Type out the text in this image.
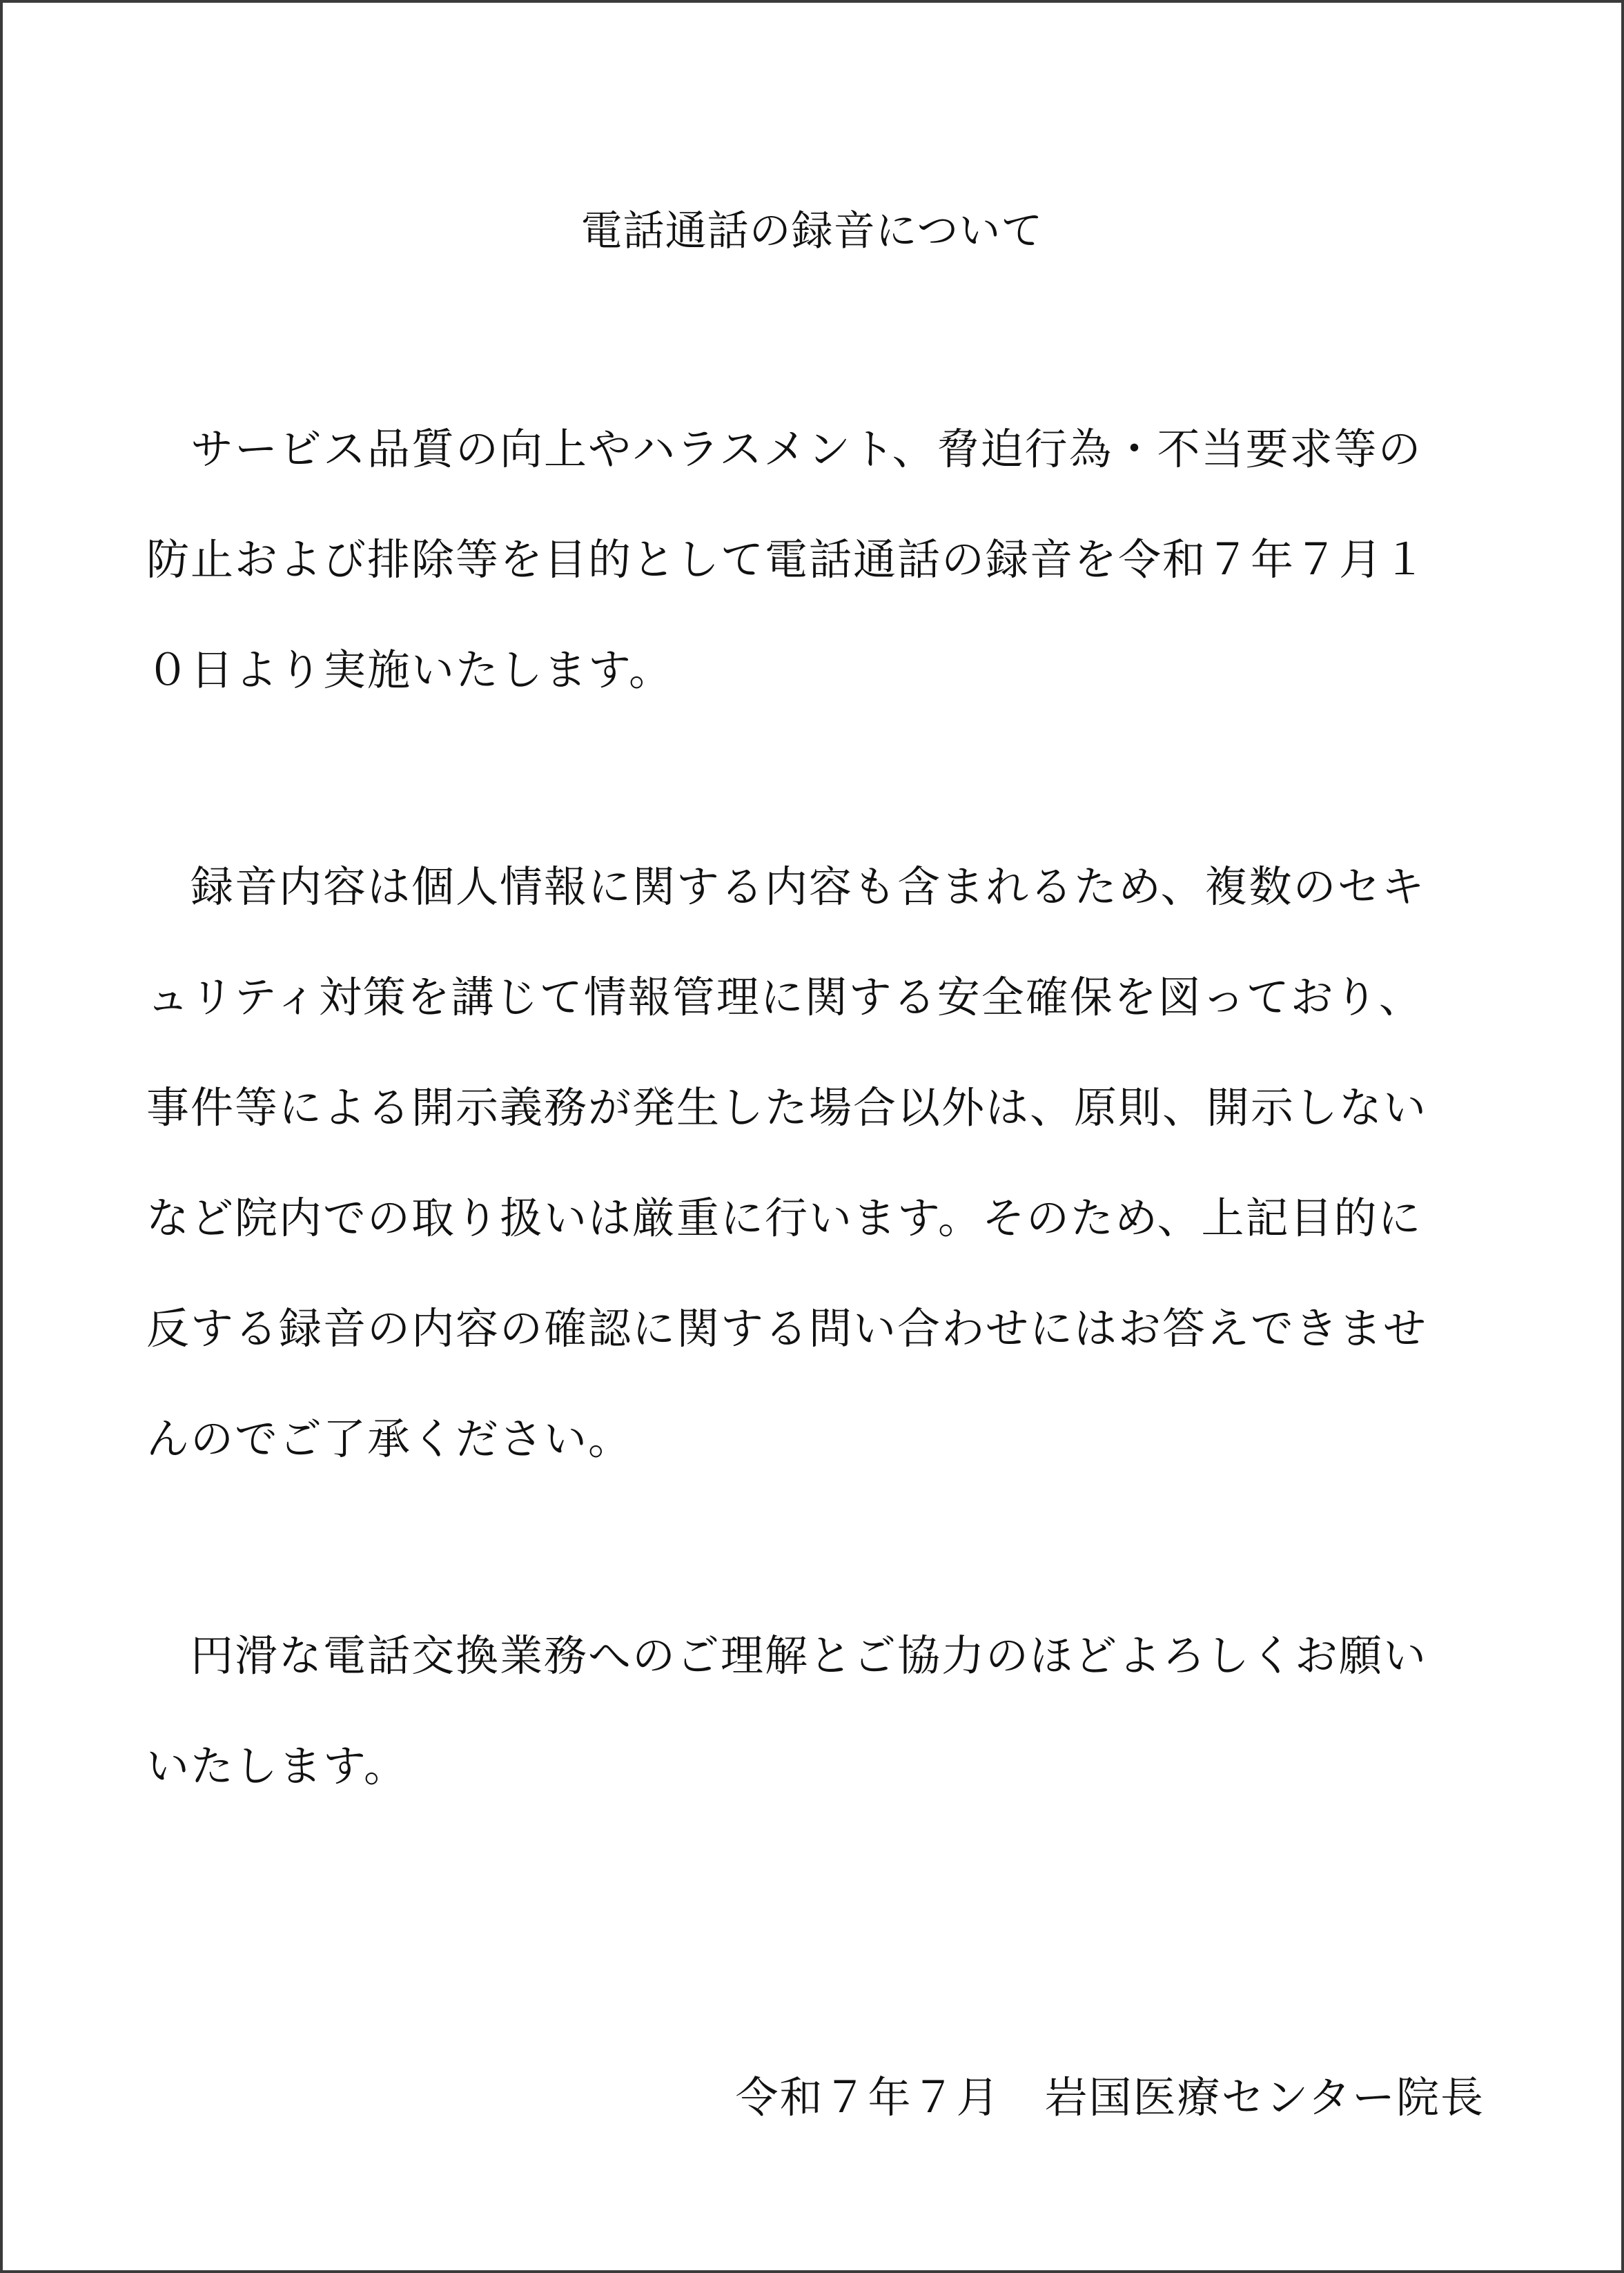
電話通話の録音について
　サービス品質の向上やハラスメント、脅迫行為・不当要求等の
防止および排除等を目的として電話通話の録音を令和７年７月１
０日より実施いたします。
　録音内容は個人情報に関する内容も含まれるため、複数のセキ
ュリティ対策を講じて情報管理に関する安全確保を図っており、
事件等による開示義務が発生した場合以外は、原則、開示しない
など院内での取り扱いは厳重に行います。そのため、上記目的に
反する録音の内容の確認に関する問い合わせにはお答えできませ
んのでご了承ください。
　円滑な電話交換業務へのご理解とご協力のほどよろしくお願い
いたします。
令和７年７月　岩国医療センター院長
